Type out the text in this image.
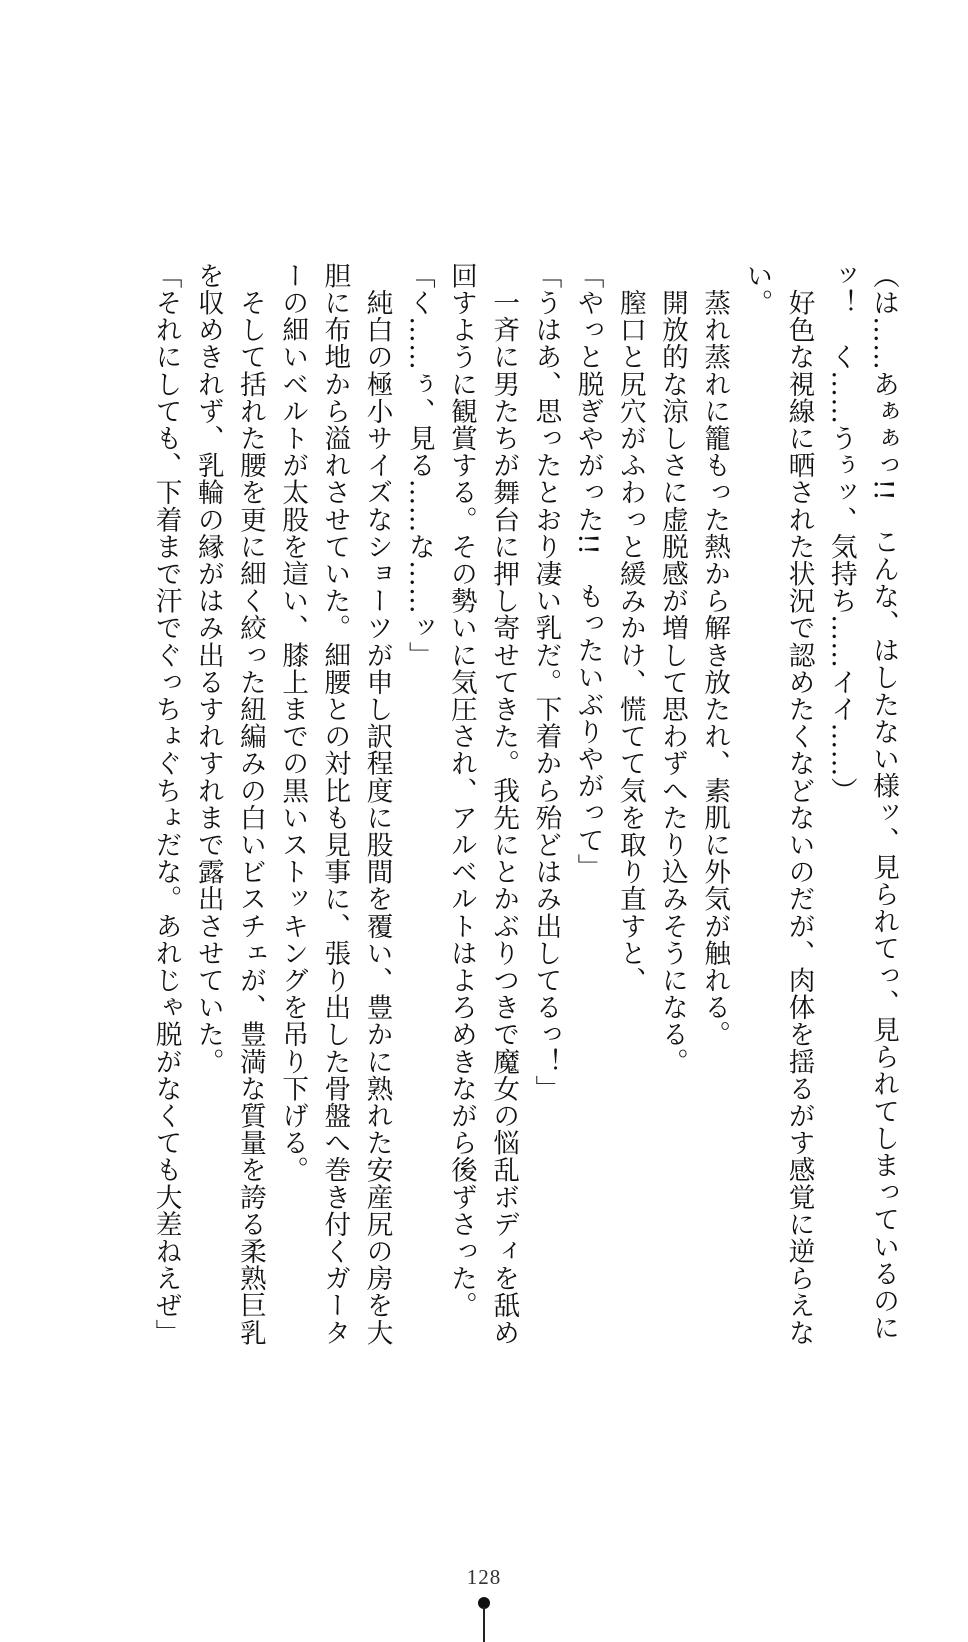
（は……あぁぁっ!!　こんな、はしたない様ッ、見られてっ、見られてしまっているのにッ！　く……うぅッ、気持ち……イイ……）

　好色な視線に晒された状況で認めたくなどないのだが、肉体を揺るがす感覚に逆らえない。

　蒸れ蒸れに籠もった熱から解き放たれ、素肌に外気が触れる。

　開放的な涼しさに虚脱感が増して思わずへたり込みそうになる。

　膣口と尻穴がふわっと緩みかけ、慌てて気を取り直すと、

「やっと脱ぎやがった!!　もったいぶりやがって」

「うはあ、思ったとおり凄い乳だ。下着から殆どはみ出してるっ！」

　一斉に男たちが舞台に押し寄せてきた。我先にとかぶりつきで魔女の悩乱ボディを舐め回すように観賞する。その勢いに気圧され、アルベルトはよろめきながら後ずさった。

「く……ぅ、見る……な……ッ」

　純白の極小サイズなショーツが申し訳程度に股間を覆い、豊かに熟れた安産尻の房を大胆に布地から溢れさせていた。細腰との対比も見事に、張り出した骨盤へ巻き付くガーターの細いベルトが太股を這い、膝上までの黒いストッキングを吊り下げる。

　そして括れた腰を更に細く絞った紐編みの白いビスチェが、豊満な質量を誇る柔熟巨乳を収めきれず、乳輪の縁がはみ出るすれすれまで露出させていた。

「それにしても、下着まで汗でぐっちょぐちょだな。あれじゃ脱がなくても大差ねえぜ」

128
